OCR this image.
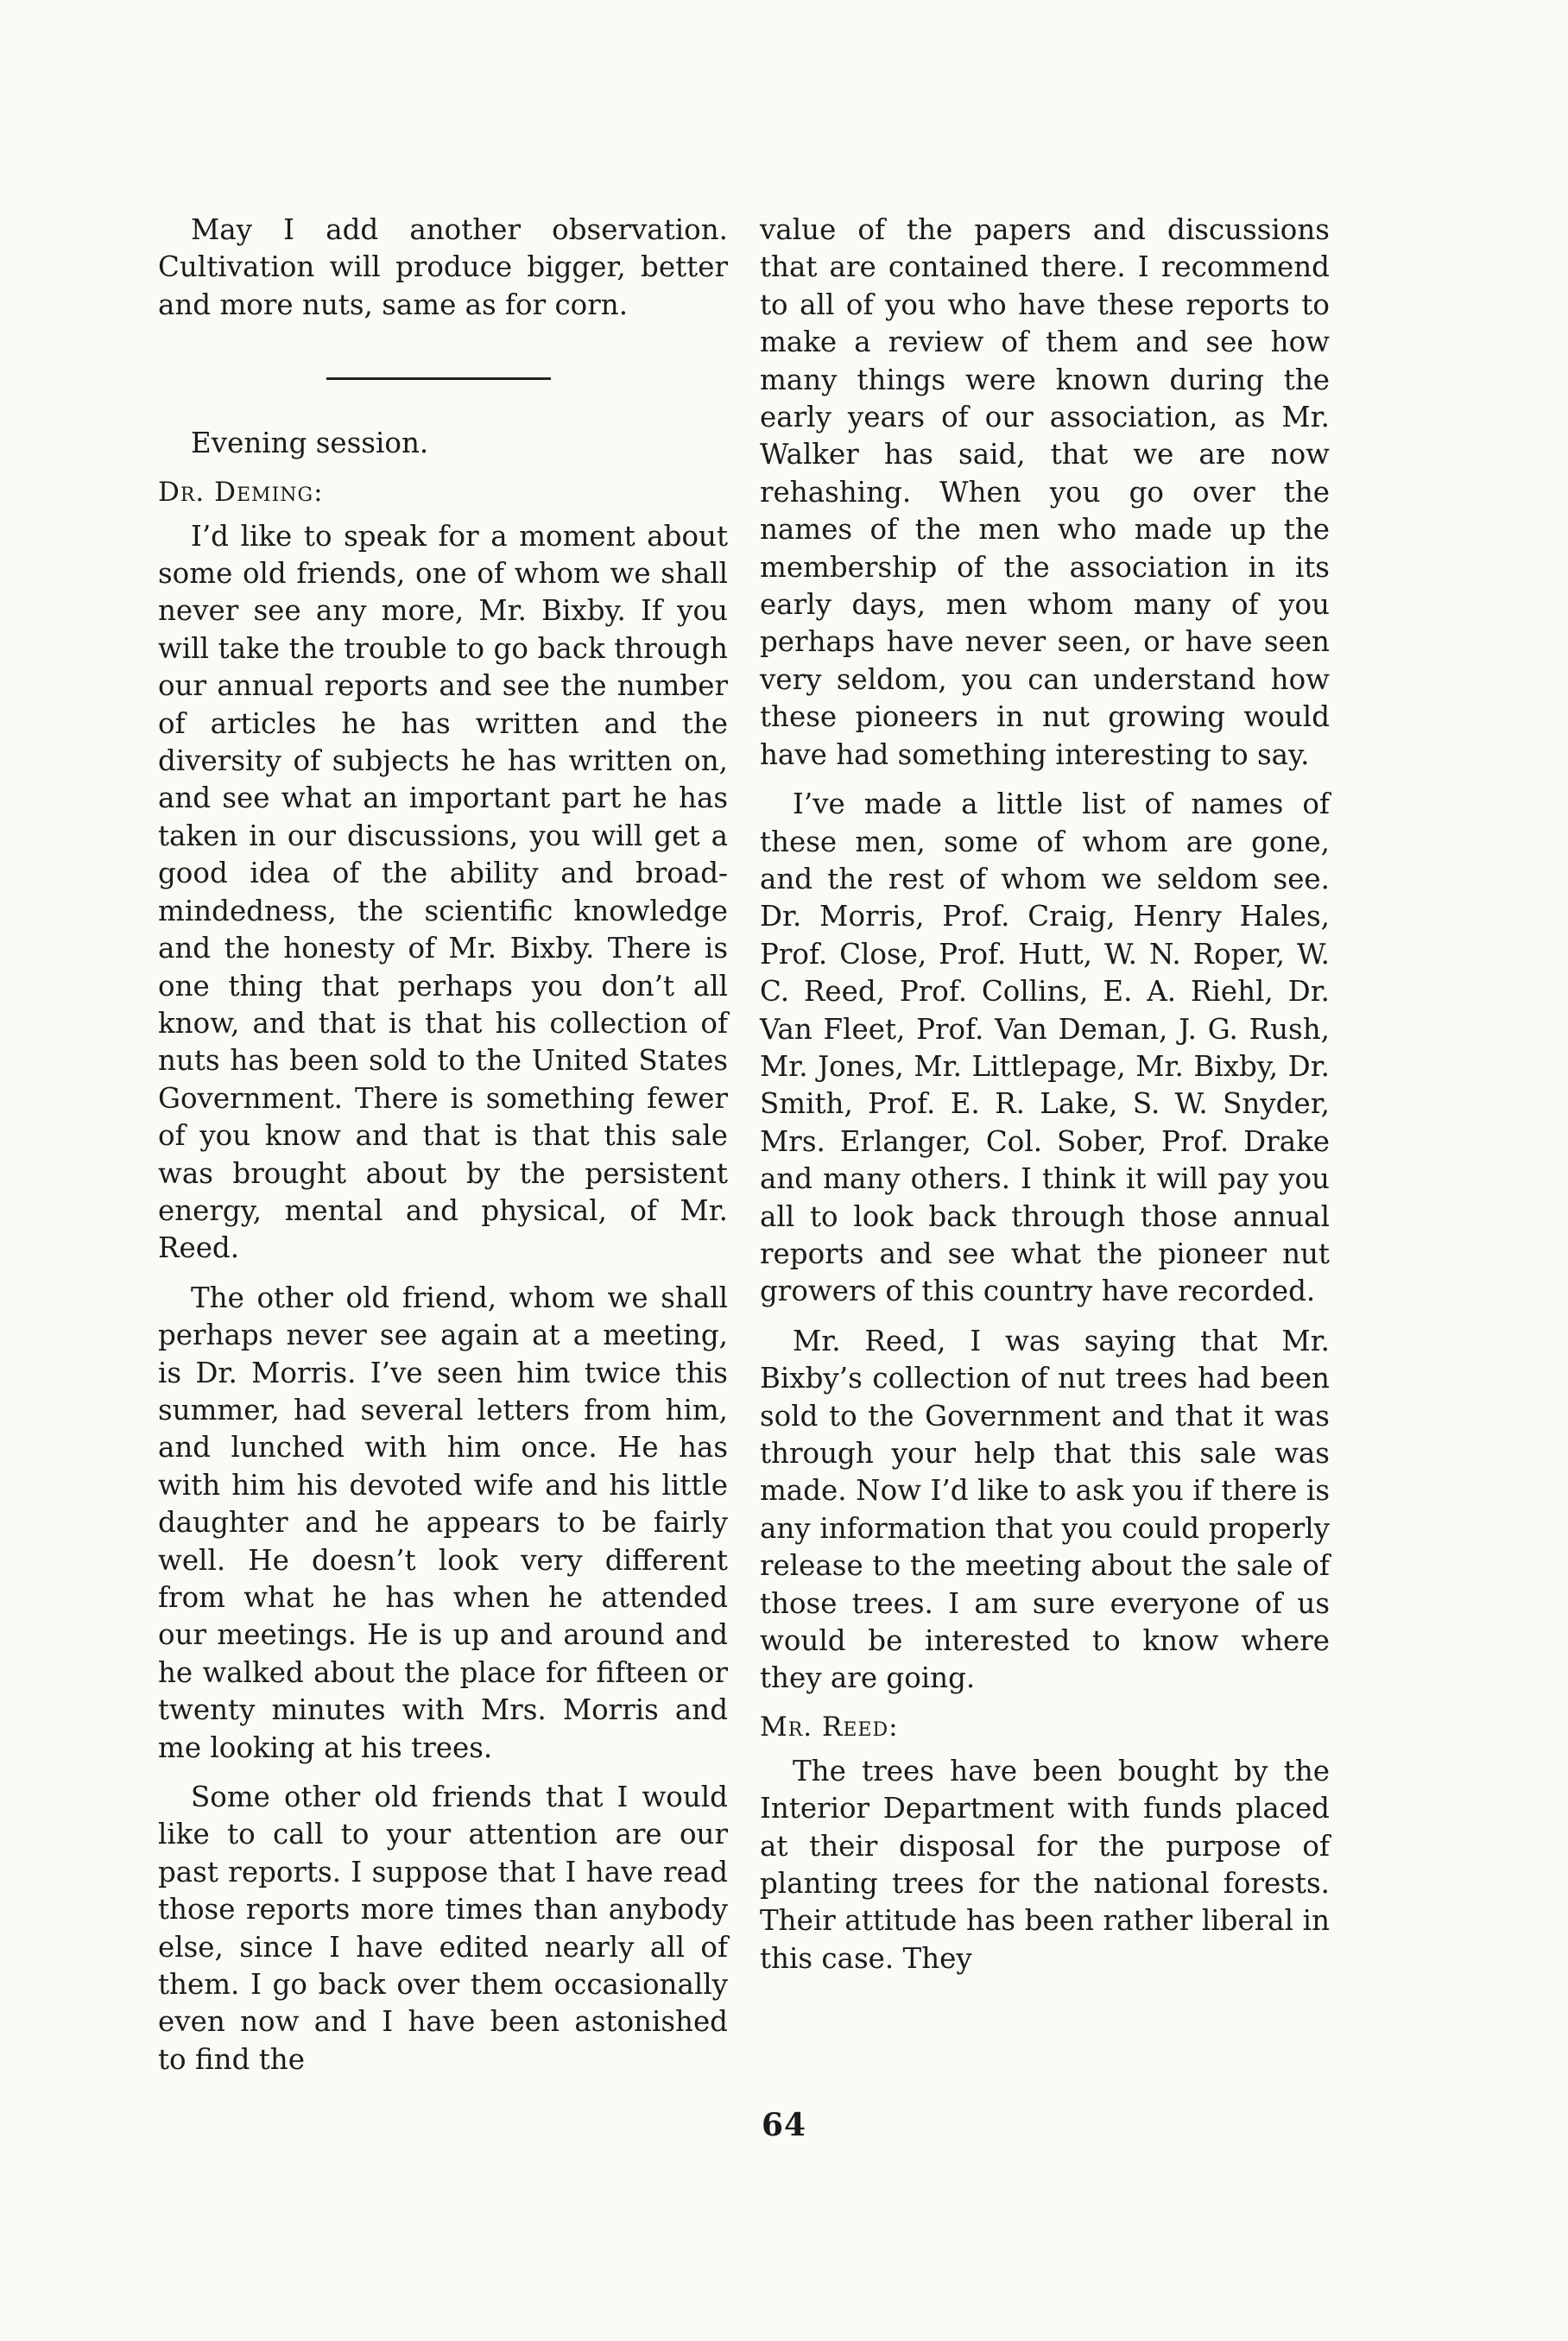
May I add another observation. Cultivation will produce bigger, better and more nuts, same as for corn.

Evening session.

Dr. Deming:

I’d like to speak for a moment about some old friends, one of whom we shall never see any more, Mr. Bixby. If you will take the trouble to go back through our annual reports and see the number of articles he has written and the diversity of subjects he has written on, and see what an important part he has taken in our discussions, you will get a good idea of the ability and broadmindedness, the scientific knowledge and the honesty of Mr. Bixby. There is one thing that perhaps you don’t all know, and that is that his collection of nuts has been sold to the United States Government. There is something fewer of you know and that is that this sale was brought about by the persistent energy, mental and physical, of Mr. Reed.

The other old friend, whom we shall perhaps never see again at a meeting, is Dr. Morris. I’ve seen him twice this summer, had several letters from him, and lunched with him once. He has with him his devoted wife and his little daughter and he appears to be fairly well. He doesn’t look very different from what he has when he attended our meetings. He is up and around and he walked about the place for fifteen or twenty minutes with Mrs. Morris and me looking at his trees.

Some other old friends that I would like to call to your attention are our past reports. I suppose that I have read those reports more times than anybody else, since I have edited nearly all of them. I go back over them occasionally even now and I have been astonished to find the

value of the papers and discussions that are contained there. I recommend to all of you who have these reports to make a review of them and see how many things were known during the early years of our association, as Mr. Walker has said, that we are now rehashing. When you go over the names of the men who made up the membership of the association in its early days, men whom many of you perhaps have never seen, or have seen very seldom, you can understand how these pioneers in nut growing would have had something interesting to say.

I’ve made a little list of names of these men, some of whom are gone, and the rest of whom we seldom see. Dr. Morris, Prof. Craig, Henry Hales, Prof. Close, Prof. Hutt, W. N. Roper, W. C. Reed, Prof. Collins, E. A. Riehl, Dr. Van Fleet, Prof. Van Deman, J. G. Rush, Mr. Jones, Mr. Littlepage, Mr. Bixby, Dr. Smith, Prof. E. R. Lake, S. W. Snyder, Mrs. Erlanger, Col. Sober, Prof. Drake and many others. I think it will pay you all to look back through those annual reports and see what the pioneer nut growers of this country have recorded.

Mr. Reed, I was saying that Mr. Bixby’s collection of nut trees had been sold to the Government and that it was through your help that this sale was made. Now I’d like to ask you if there is any information that you could properly release to the meeting about the sale of those trees. I am sure everyone of us would be interested to know where they are going.

Mr. Reed:

The trees have been bought by the Interior Department with funds placed at their disposal for the purpose of planting trees for the national forests. Their attitude has been rather liberal in this case. They

64
